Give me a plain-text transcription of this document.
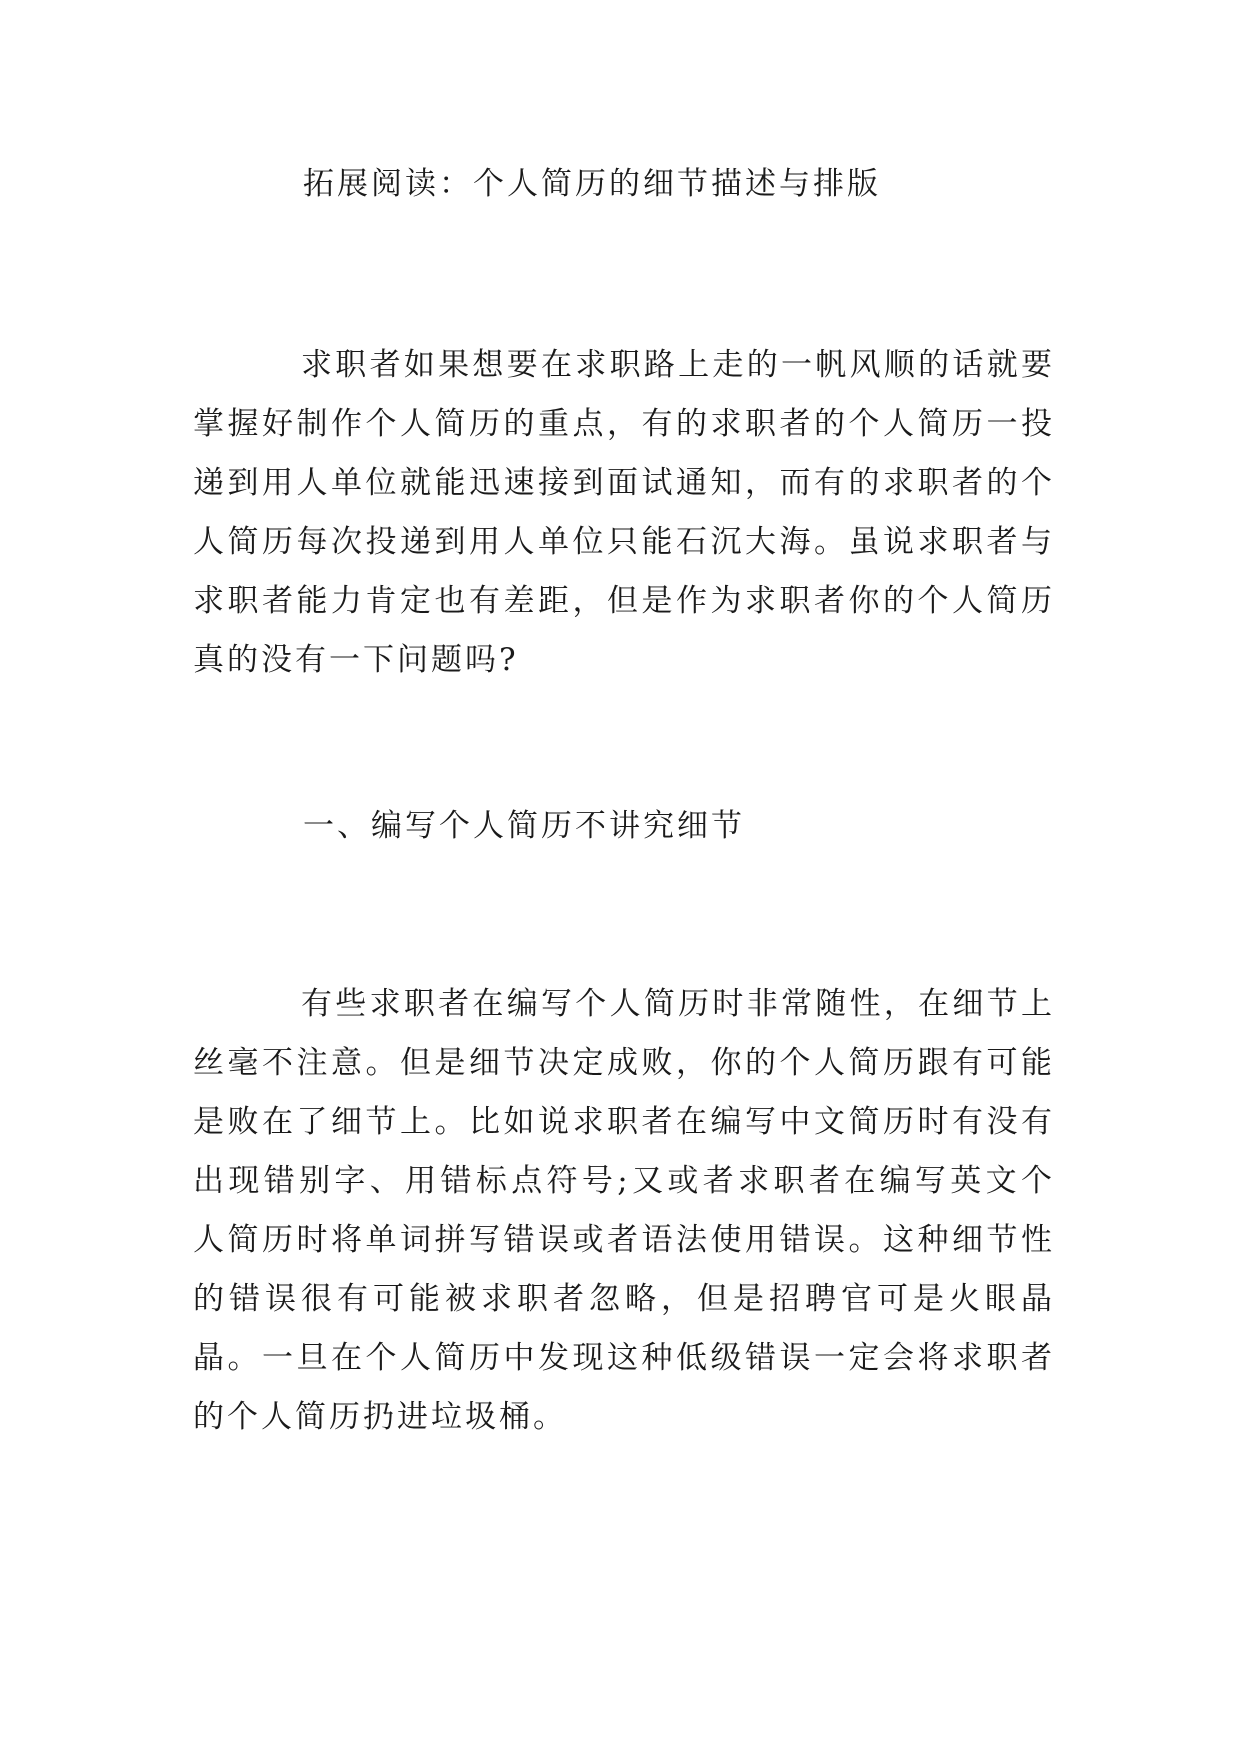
拓展阅读：个人简历的细节描述与排版

求职者如果想要在求职路上走的一帆风顺的话就要掌握好制作个人简历的重点，有的求职者的个人简历一投递到用人单位就能迅速接到面试通知，而有的求职者的个人简历每次投递到用人单位只能石沉大海。虽说求职者与求职者能力肯定也有差距，但是作为求职者你的个人简历真的没有一下问题吗?

一、编写个人简历不讲究细节

有些求职者在编写个人简历时非常随性，在细节上丝毫不注意。但是细节决定成败，你的个人简历跟有可能是败在了细节上。比如说求职者在编写中文简历时有没有出现错别字、用错标点符号;又或者求职者在编写英文个人简历时将单词拼写错误或者语法使用错误。这种细节性的错误很有可能被求职者忽略，但是招聘官可是火眼晶晶。一旦在个人简历中发现这种低级错误一定会将求职者的个人简历扔进垃圾桶。
